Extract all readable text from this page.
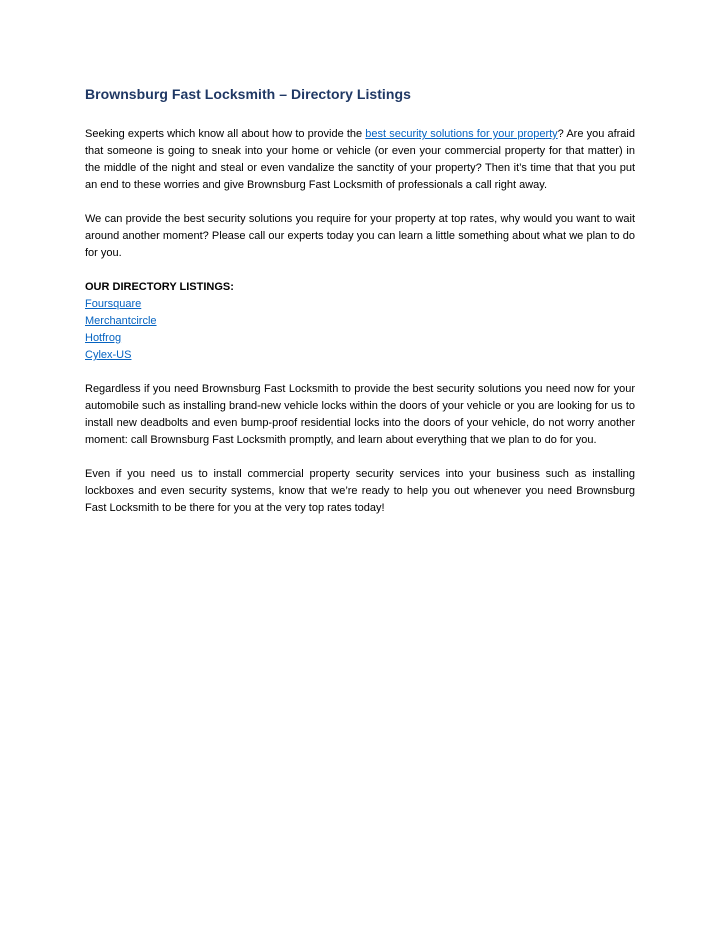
Brownsburg Fast Locksmith – Directory Listings

Seeking experts which know all about how to provide the best security solutions for your property? Are you afraid that someone is going to sneak into your home or vehicle (or even your commercial property for that matter) in the middle of the night and steal or even vandalize the sanctity of your property? Then it’s time that that you put an end to these worries and give Brownsburg Fast Locksmith of professionals a call right away.

We can provide the best security solutions you require for your property at top rates, why would you want to wait around another moment? Please call our experts today you can learn a little something about what we plan to do for you.

OUR DIRECTORY LISTINGS:
Foursquare
Merchantcircle
Hotfrog
Cylex-US

Regardless if you need Brownsburg Fast Locksmith to provide the best security solutions you need now for your automobile such as installing brand-new vehicle locks within the doors of your vehicle or you are looking for us to install new deadbolts and even bump-proof residential locks into the doors of your vehicle, do not worry another moment: call Brownsburg Fast Locksmith promptly, and learn about everything that we plan to do for you.

Even if you need us to install commercial property security services into your business such as installing lockboxes and even security systems, know that we’re ready to help you out whenever you need Brownsburg Fast Locksmith to be there for you at the very top rates today!
